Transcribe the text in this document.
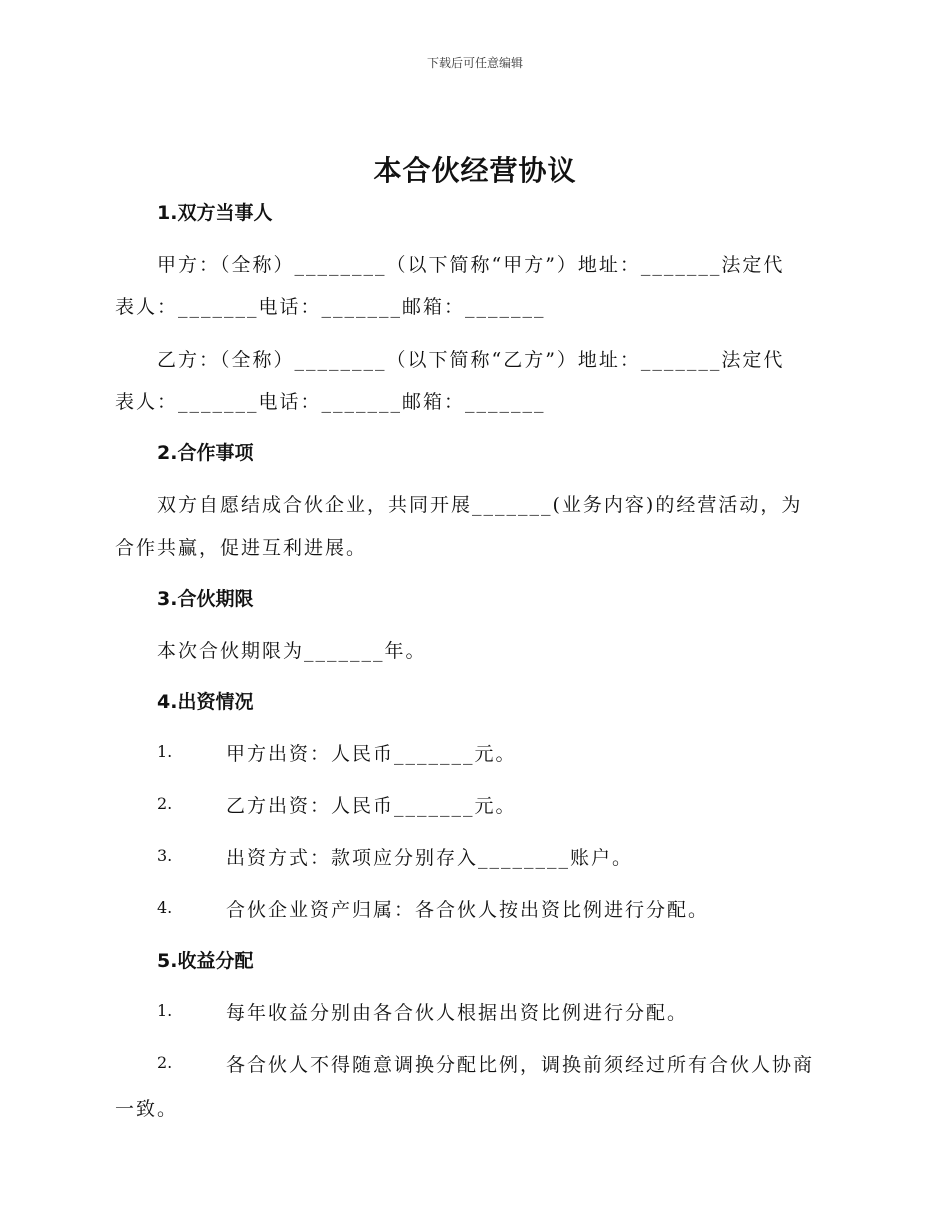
下载后可任意编辑
本合伙经营协议
1.双方当事人
甲方：（全称）________（以下简称“甲方”）地址：_______法定代
表人：_______电话：_______邮箱：_______
乙方：（全称）________（以下简称“乙方”）地址：_______法定代
表人：_______电话：_______邮箱：_______
2.合作事项
双方自愿结成合伙企业，共同开展_______(业务内容)的经营活动，为
合作共赢，促进互利进展。
3.合伙期限
本次合伙期限为_______年。
4.出资情况
1.	甲方出资：人民币_______元。
2.	乙方出资：人民币_______元。
3.	出资方式：款项应分别存入________账户。
4.	合伙企业资产归属：各合伙人按出资比例进行分配。
5.收益分配
1.	每年收益分别由各合伙人根据出资比例进行分配。
2.	各合伙人不得随意调换分配比例，调换前须经过所有合伙人协商
一致。
